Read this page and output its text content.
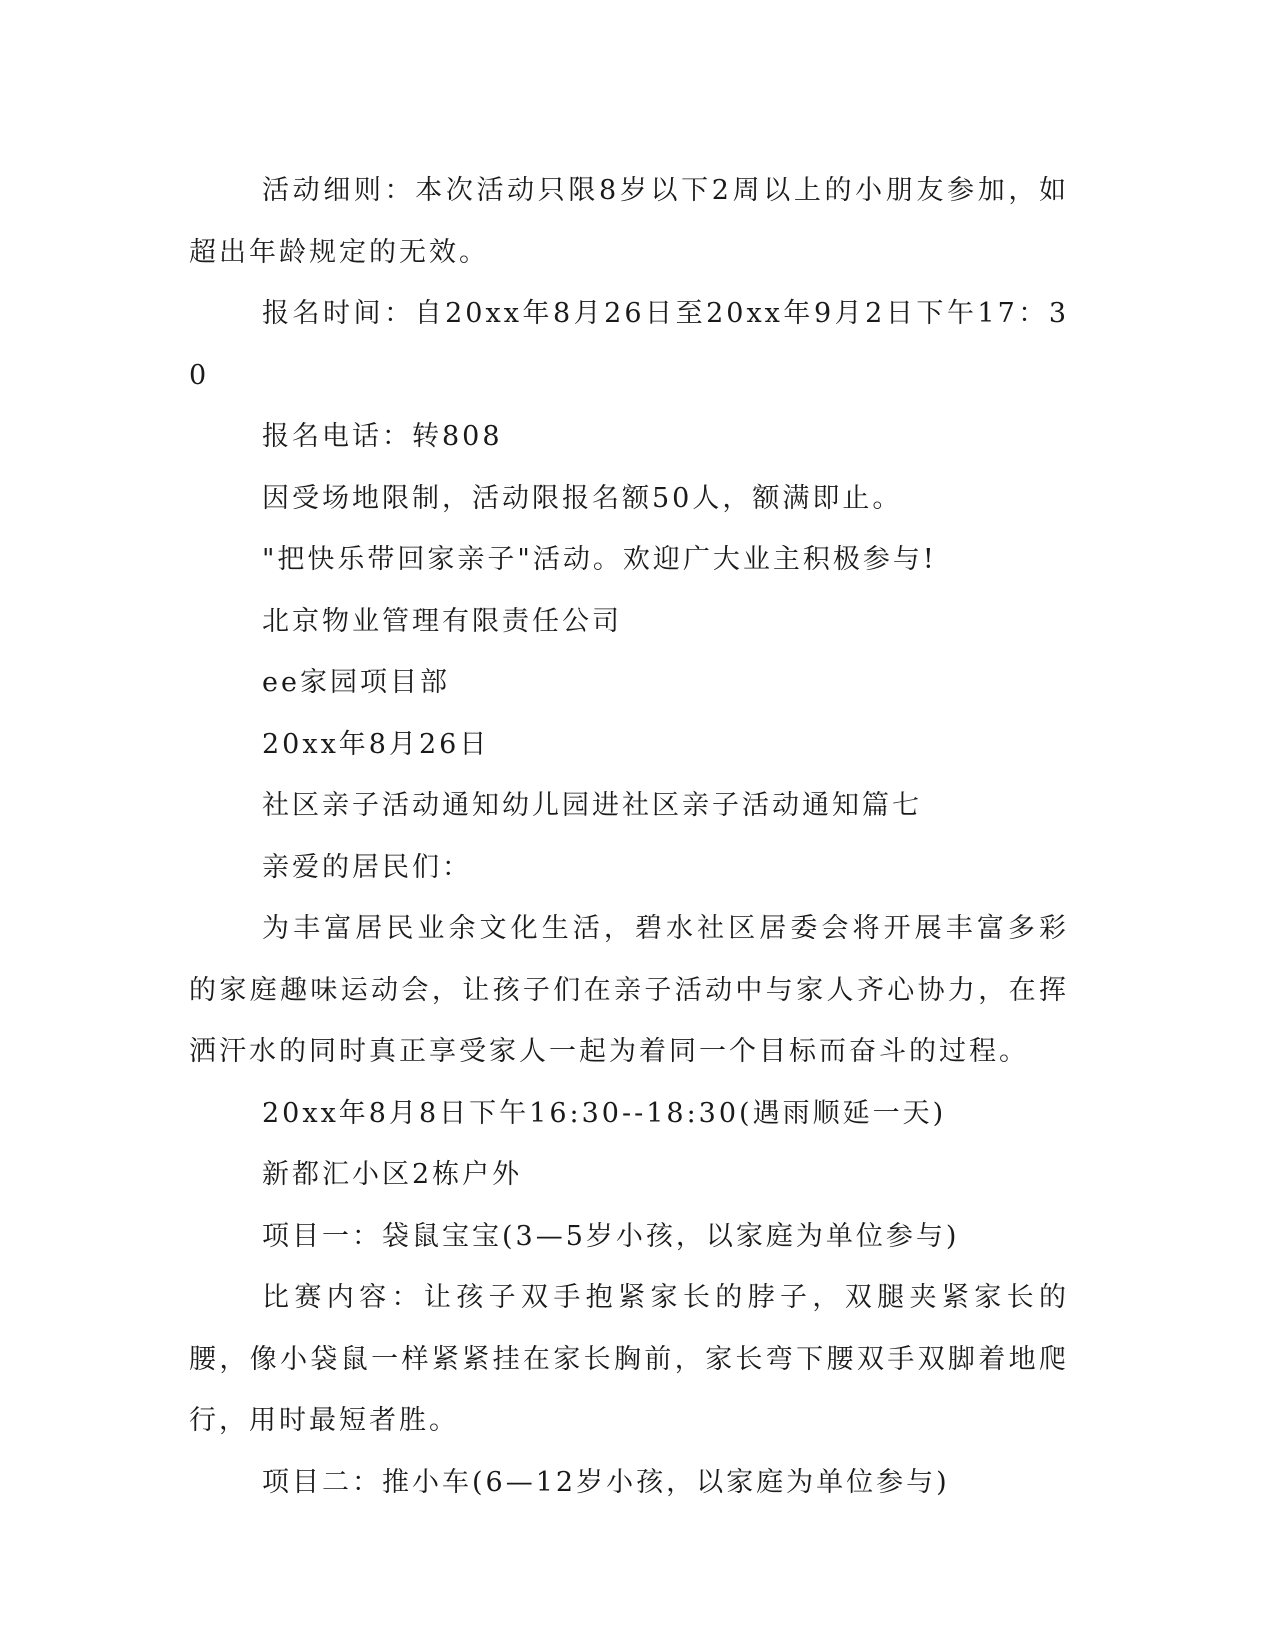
活动细则：本次活动只限8岁以下2周以上的小朋友参加，如超出年龄规定的无效。

报名时间：自20xx年8月26日至20xx年9月2日下午17：30

报名电话：转808

因受场地限制，活动限报名额50人，额满即止。

"把快乐带回家亲子"活动。欢迎广大业主积极参与!

北京物业管理有限责任公司

ee家园项目部

20xx年8月26日

社区亲子活动通知幼儿园进社区亲子活动通知篇七

亲爱的居民们：

为丰富居民业余文化生活，碧水社区居委会将开展丰富多彩的家庭趣味运动会，让孩子们在亲子活动中与家人齐心协力，在挥洒汗水的同时真正享受家人一起为着同一个目标而奋斗的过程。

20xx年8月8日下午16:30--18:30(遇雨顺延一天)

新都汇小区2栋户外

项目一：袋鼠宝宝(3—5岁小孩，以家庭为单位参与)

比赛内容：让孩子双手抱紧家长的脖子，双腿夹紧家长的腰，像小袋鼠一样紧紧挂在家长胸前，家长弯下腰双手双脚着地爬行，用时最短者胜。

项目二：推小车(6—12岁小孩，以家庭为单位参与)
